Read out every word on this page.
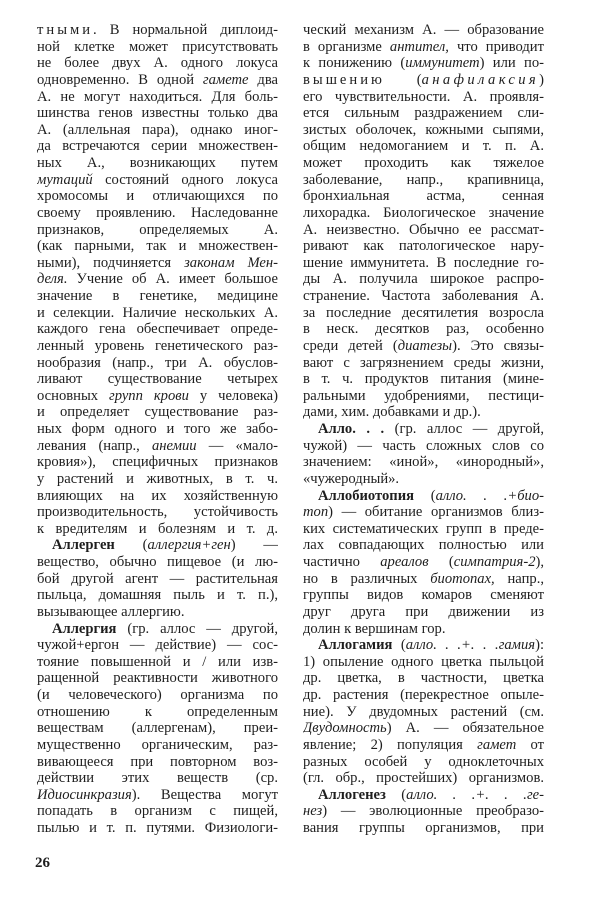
тными. В нормальной диплоид-
ной клетке может присутствовать
не более двух А. одного локуса
одновременно. В одной гамете два
А. не могут находиться. Для боль-
шинства генов известны только два
А. (аллельная пара), однако иног-
да встречаются серии множествен-
ных А., возникающих путем
мутаций состояний одного локуса
хромосомы и отличающихся по
своему проявлению. Наследованне
признаков, определяемых А.
(как парными, так и множествен-
ными), подчиняется законам Мен-
деля. Учение об А. имеет большое
значение в генетике, медицине
и селекции. Наличие нескольких А.
каждого гена обеспечивает опреде-
ленный уровень генетического раз-
нообразия (напр., три А. обуслов-
ливают существование четырех
основных групп крови у человека)
и определяет существование раз-
ных форм одного и того же забо-
левания (напр., анемии — «мало-
кровия»), специфичных признаков
у растений и животных, в т. ч.
влияющих на их хозяйственную
производительность, устойчивость
к вредителям и болезням и т. д.
Аллерген (аллергия+ген) —
вещество, обычно пищевое (и лю-
бой другой агент — растительная
пыльца, домашняя пыль и т. п.),
вызывающее аллергию.
Аллергия (гр. аллос — другой,
чужой+ергон — действие) — сос-
тояние повышенной и / или изв-
ращенной реактивности животного
(и человеческого) организма по
отношению к определенным
веществам (аллергенам), преи-
мущественно органическим, раз-
вивающееся при повторном воз-
действии этих веществ (ср.
Идиосинкразия). Вещества могут
попадать в организм с пищей,
пылью и т. п. путями. Физиологи-
ческий механизм А. — образование
в организме антител, что приводит
к понижению (иммунитет) или по-
вышению (анафилаксия)
его чувствительности. А. проявля-
ется сильным раздражением сли-
зистых оболочек, кожными сыпями,
общим недомоганием и т. п. А.
может проходить как тяжелое
заболевание, напр., крапивница,
бронхиальная астма, сенная
лихорадка. Биологическое значение
А. неизвестно. Обычно ее рассмат-
ривают как патологическое нару-
шение иммунитета. В последние го-
ды А. получила широкое распро-
странение. Частота заболевания А.
за последние десятилетия возросла
в неск. десятков раз, особенно
среди детей (диатезы). Это связы-
вают с загрязнением среды жизни,
в т. ч. продуктов питания (мине-
ральными удобрениями, пестици-
дами, хим. добавками и др.).
Алло. . . (гр. аллос — другой,
чужой) — часть сложных слов со
значением: «иной», «инородный»,
«чужеродный».
Аллобиотопия (алло. . .+био-
топ) — обитание организмов близ-
ких систематических групп в преде-
лах совпадающих полностью или
частично ареалов (симпатрия-2),
но в различных биотопах, напр.,
группы видов комаров сменяют
друг друга при движении из
долин к вершинам гор.
Аллогамия (алло. . .+. . .гамия):
1) опыление одного цветка пыльцой
др. цветка, в частности, цветка
др. растения (перекрестное опыле-
ние). У двудомных растений (см.
Двудомность) А. — обязательное
явление; 2) популяция гамет от
разных особей у одноклеточных
(гл. обр., простейших) организмов.
Аллогенез (алло. . .+. . .ге-
нез) — эволюционные преобразо-
вания группы организмов, при
26
